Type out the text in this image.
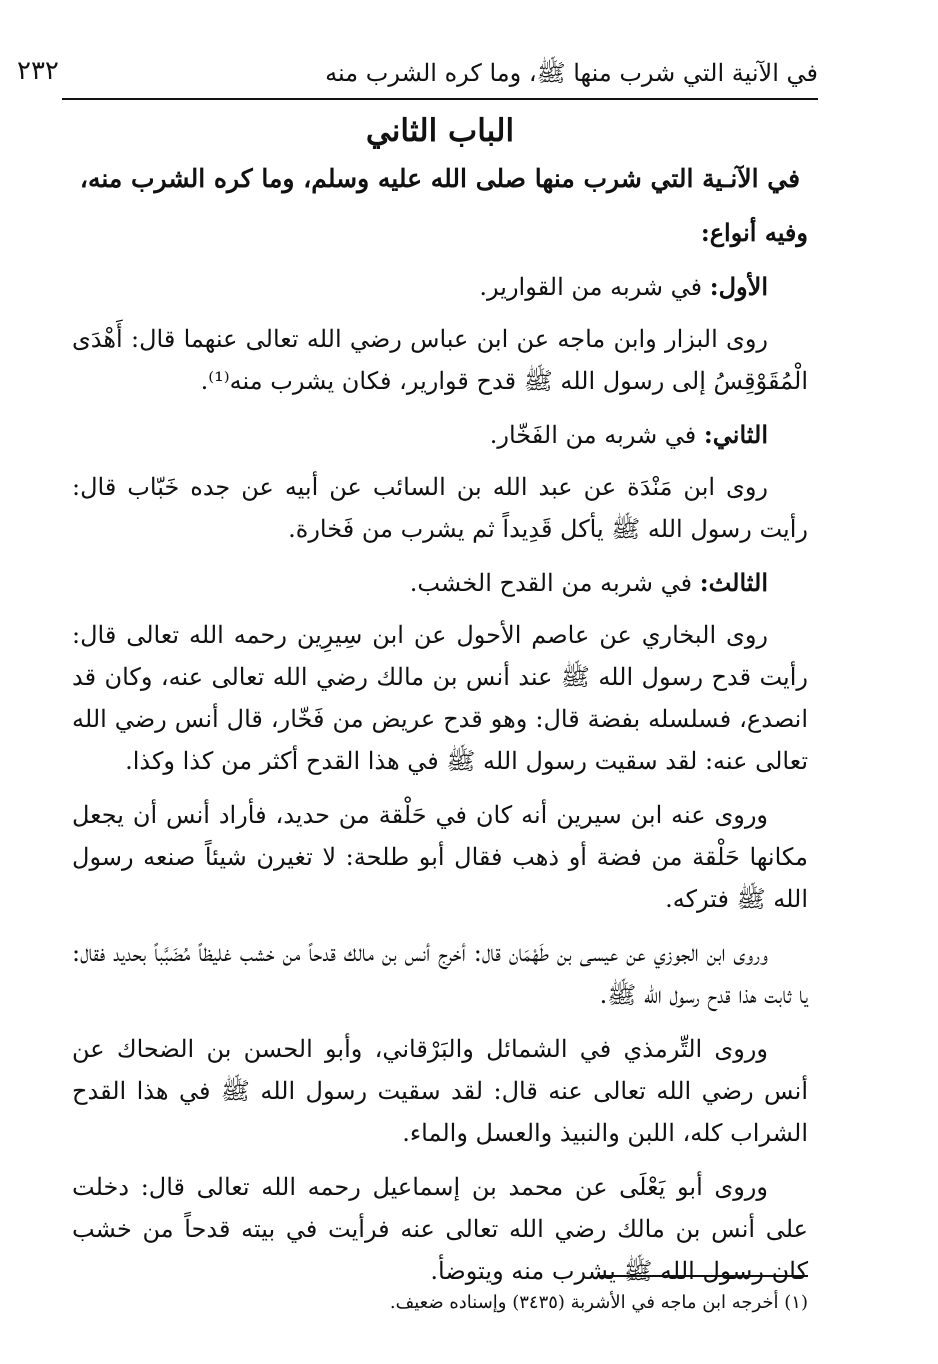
في الآنية التي شرب منها ﷺ، وما كره الشرب منه
٢٣٢
الباب الثاني
في الآنـية التي شرب منها صلى الله عليه وسلم، وما كره الشرب منه،

وفيه أنواع:

الأول: في شربه من القوارير.

روى البزار وابن ماجه عن ابن عباس رضي الله تعالى عنهما قال: أَهْدَى الْمُقَوْقِسُ إلى رسول الله ﷺ قدح قوارير، فكان يشرب منه⁽¹⁾.

الثاني: في شربه من الفَخّار.

روى ابن مَنْدَة عن عبد الله بن السائب عن أبيه عن جده خَبّاب قال: رأيت رسول الله ﷺ يأكل قَدِيداً ثم يشرب من فَخارة.

الثالث: في شربه من القدح الخشب.

روى البخاري عن عاصم الأحول عن ابن سِيرِين رحمه الله تعالى قال: رأيت قدح رسول الله ﷺ عند أنس بن مالك رضي الله تعالى عنه، وكان قد انصدع، فسلسله بفضة قال: وهو قدح عريض من فَخّار، قال أنس رضي الله تعالى عنه: لقد سقيت رسول الله ﷺ في هذا القدح أكثر من كذا وكذا.

وروى عنه ابن سيرين أنه كان في حَلْقة من حديد، فأراد أنس أن يجعل مكانها حَلْقة من فضة أو ذهب فقال أبو طلحة: لا تغيرن شيئاً صنعه رسول الله ﷺ فتركه.

وروى ابن الجوزي عن عيسى بن طَهْمَان قال: أخرج أنس بن مالك قدحاً من خشب غليظاً مُضَبَّباً بحديد فقال: يا ثابت هذا قدح رسول الله ﷺ.

وروى التِّرمذي في الشمائل والبَرْقاني، وأبو الحسن بن الضحاك عن أنس رضي الله تعالى عنه قال: لقد سقيت رسول الله ﷺ في هذا القدح الشراب كله، اللبن والنبيذ والعسل والماء.

وروى أبو يَعْلَى عن محمد بن إسماعيل رحمه الله تعالى قال: دخلت على أنس بن مالك رضي الله تعالى عنه فرأيت في بيته قدحاً من خشب كان رسول الله ﷺ يشرب منه ويتوضأ.

(١) أخرجه ابن ماجه في الأشربة (٣٤٣٥) وإسناده ضعيف.
